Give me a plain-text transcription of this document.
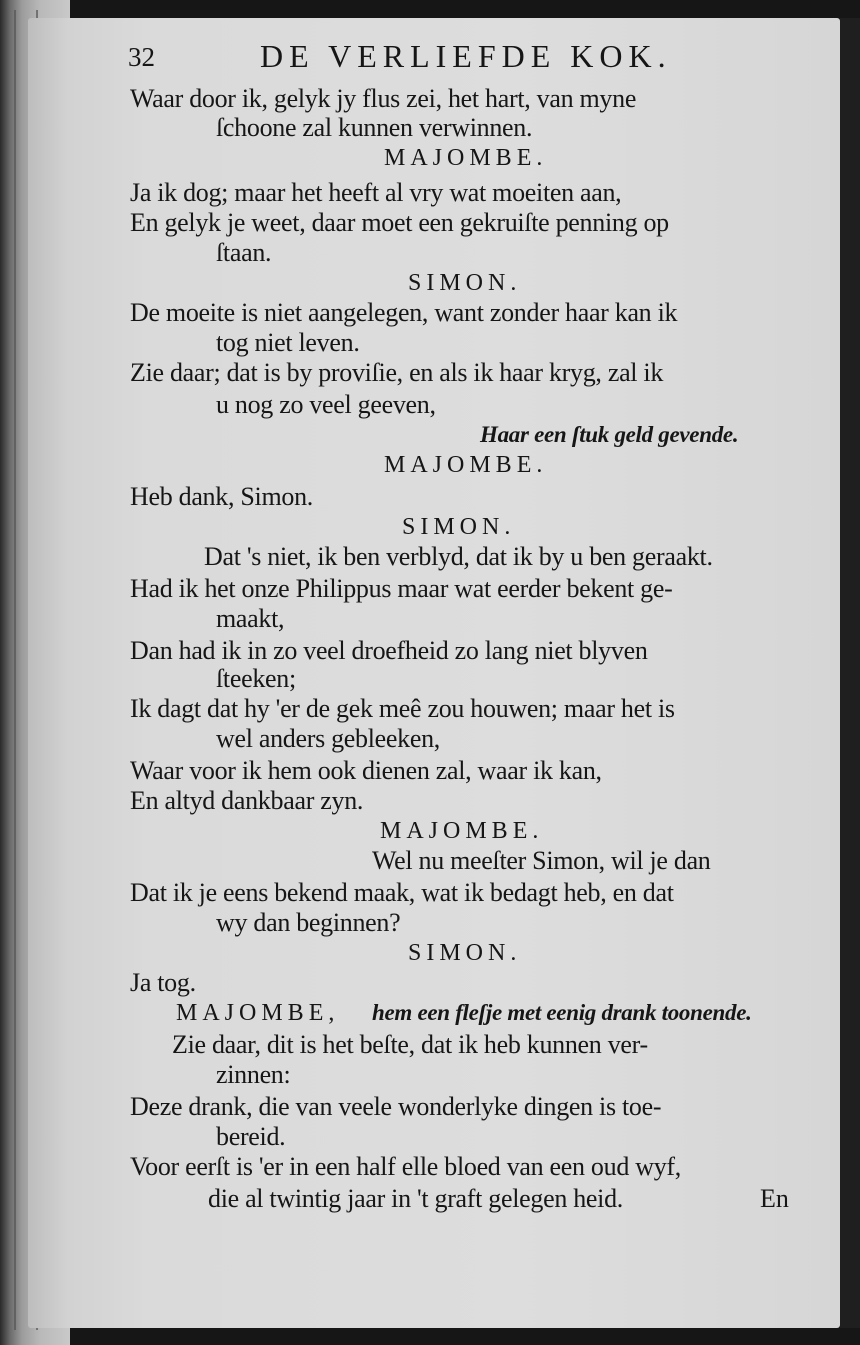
32	DE VERLIEFDE KOK.
Waar door ik, gelyk jy flus zei, het hart, van myne
ſchoone zal kunnen verwinnen.
MAJOMBE.
Ja ik dog; maar het heeft al vry wat moeiten aan,
En gelyk je weet, daar moet een gekruiſte penning op
ſtaan.
SIMON.
De moeite is niet aangelegen, want zonder haar kan ik
tog niet leven.
Zie daar; dat is by proviſie, en als ik haar kryg, zal ik
u nog zo veel geeven,
Haar een ſtuk geld gevende.
MAJOMBE.
Heb dank, Simon.
SIMON.
Dat 's niet, ik ben verblyd, dat ik by u ben geraakt.
Had ik het onze Philippus maar wat eerder bekent ge-
maakt,
Dan had ik in zo veel droefheid zo lang niet blyven
ſteeken;
Ik dagt dat hy 'er de gek meê zou houwen; maar het is
wel anders gebleeken,
Waar voor ik hem ook dienen zal, waar ik kan,
En altyd dankbaar zyn.
MAJOMBE.
Wel nu meeſter Simon, wil je dan
Dat ik je eens bekend maak, wat ik bedagt heb, en dat
wy dan beginnen?
SIMON.
Ja tog.
MAJOMBE, hem een fleſje met eenig drank toonende.
Zie daar, dit is het beſte, dat ik heb kunnen ver-
zinnen:
Deze drank, die van veele wonderlyke dingen is toe-
bereid.
Voor eerſt is 'er in een half elle bloed van een oud wyf,
die al twintig jaar in 't graft gelegen heid.	En
